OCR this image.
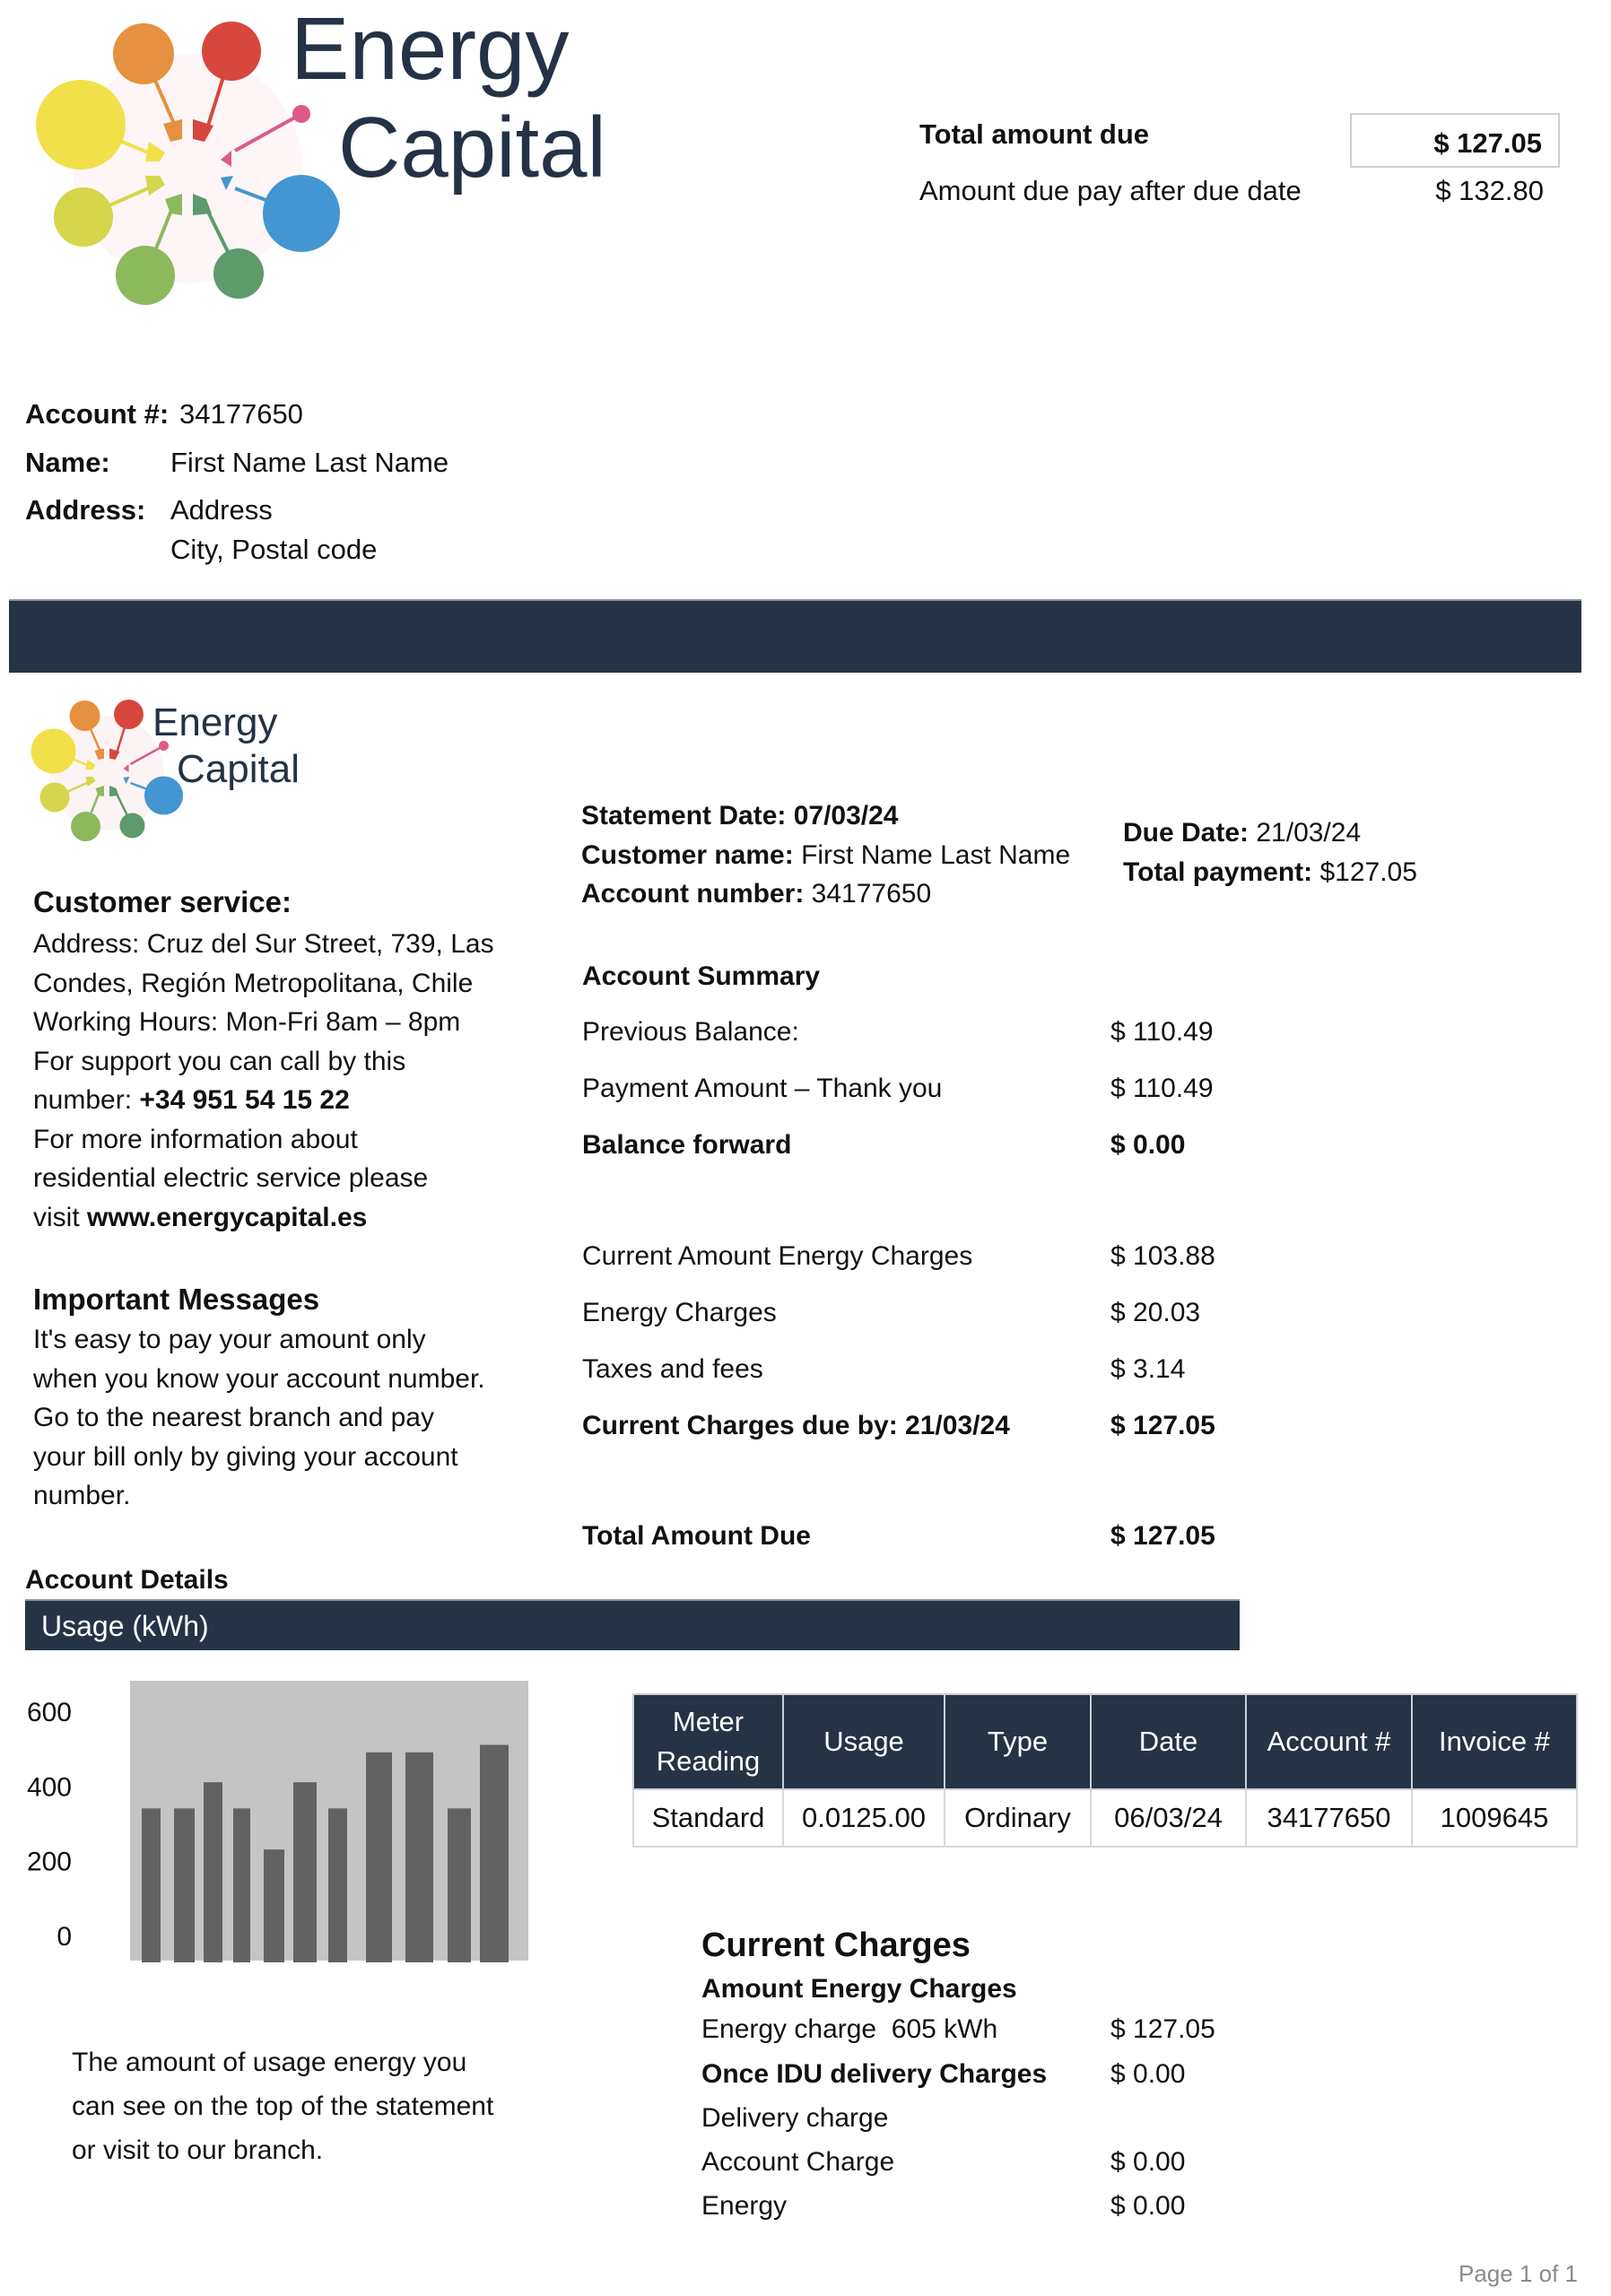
Energy
Capital	Total amount due	$ 127.05
Amount due pay after due date	$ 132.80
Account #: 34177650
Name: First Name Last Name
Address: Address
City, Postal code
Energy
Capital
Customer service:
Address: Cruz del Sur Street, 739, Las
Condes, Región Metropolitana, Chile
Working Hours: Mon-Fri 8am – 8pm
For support you can call by this
number: +34 951 54 15 22
For more information about
residential electric service please
visit www.energycapital.es
Important Messages
It's easy to pay your amount only
when you know your account number.
Go to the nearest branch and pay
your bill only by giving your account
number.
Statement Date: 07/03/24
Customer name: First Name Last Name
Account number: 34177650
Due Date: 21/03/24
Total payment: $127.05
Account Summary
Previous Balance:	$ 110.49
Payment Amount – Thank you	$ 110.49
Balance forward	$ 0.00
Current Amount Energy Charges	$ 103.88
Energy Charges	$ 20.03
Taxes and fees	$ 3.14
Current Charges due by: 21/03/24	$ 127.05
Total Amount Due	$ 127.05
Account Details
Usage (kWh)
600
400
200
0
The amount of usage energy you
can see on the top of the statement
or visit to our branch.
Meter
Reading	Usage	Type	Date	Account #	Invoice #
Standard	0.0125.00	Ordinary	06/03/24	34177650	1009645
Current Charges
Amount Energy Charges
Energy charge  605 kWh	$ 127.05
Once IDU delivery Charges $ 0.00
Delivery charge
Account Charge	$ 0.00
Energy	$ 0.00
Page 1 of 1
